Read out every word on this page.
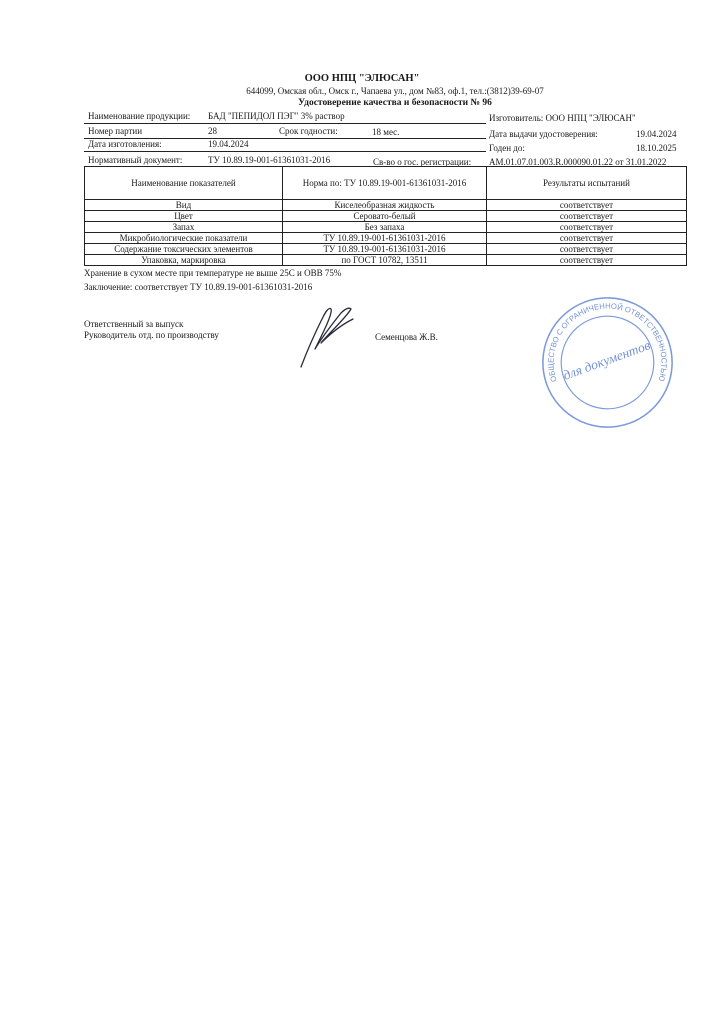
ООО НПЦ "ЭЛЮСАН"
644099, Омская обл., Омск г., Чапаева ул., дом №83, оф.1, тел.:(3812)39-69-07
Удостоверение качества и безопасности № 96
Наименование продукции: БАД "ПЕПИДОЛ ПЭГ" 3% раствор	Изготовитель: ООО НПЦ "ЭЛЮСАН"
Номер партии	28	Срок годности:	18 мес.	Дата выдачи удостоверения:	19.04.2024
Дата изготовления:	19.04.2024	Годен до:	18.10.2025
Нормативный документ:	ТУ 10.89.19-001-61361031-2016	Св-во о гос. регистрации: AM.01.07.01.003.R.000090.01.22 от 31.01.2022
Наименование показателей	Норма по: ТУ 10.89.19-001-61361031-2016	Результаты испытаний
Вид	Киселеобразная жидкость	соответствует
Цвет	Серовато-белый	соответствует
Запах	Без запаха	соответствует
Микробиологические показатели	ТУ 10.89.19-001-61361031-2016	соответствует
Содержание токсических элементов	ТУ 10.89.19-001-61361031-2016	соответствует
Упаковка, маркировка	по ГОСТ 10782, 13511	соответствует
Хранение в сухом месте при температуре не выше 25С и ОВВ 75%
Заключение: соответствует ТУ 10.89.19-001-61361031-2016
Ответственный за выпуск
Руководитель отд. по производству	Семенцова Ж.В.
ОБЩЕСТВО С ОГРАНИЧЕННОЙ ОТВЕТСТВЕННОСТЬЮ
для документов
